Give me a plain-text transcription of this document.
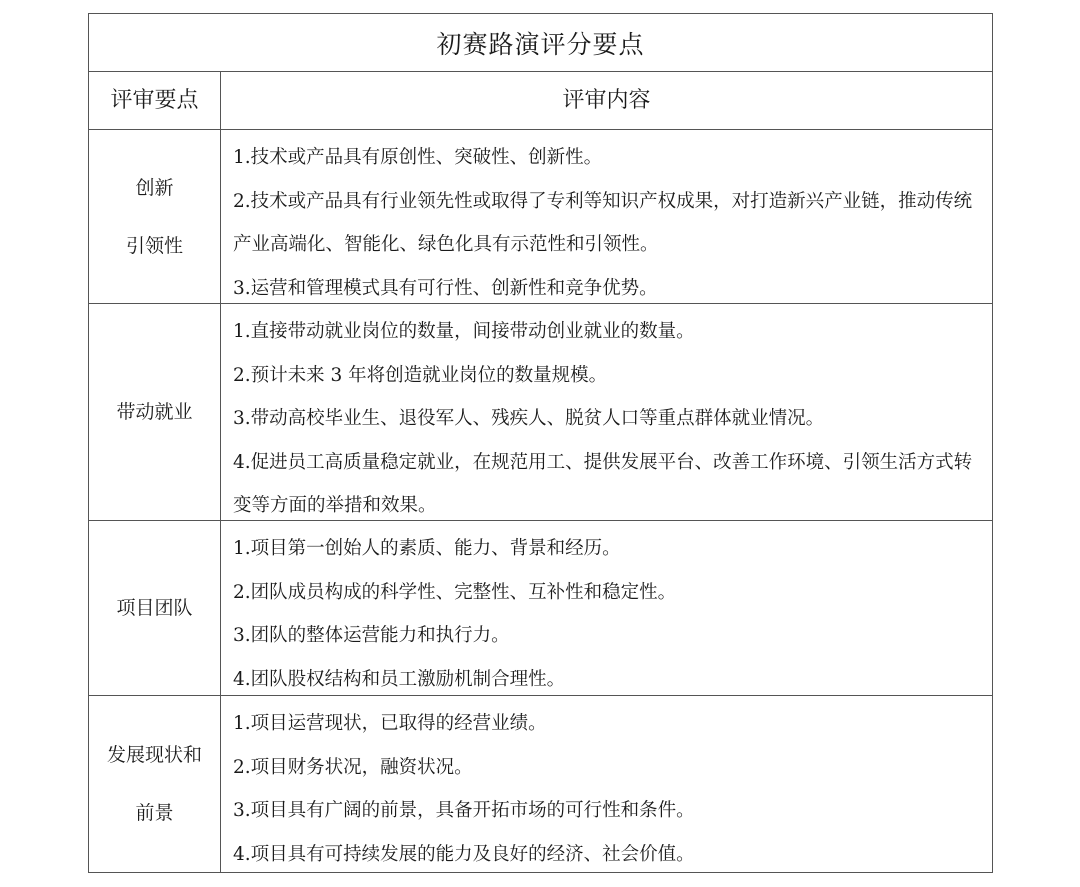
初赛路演评分要点
评审要点	评审内容
创新
引领性
1.技术或产品具有原创性、突破性、创新性。
2.技术或产品具有行业领先性或取得了专利等知识产权成果，对打造新兴产业链，推动传统产业高端化、智能化、绿色化具有示范性和引领性。
3.运营和管理模式具有可行性、创新性和竞争优势。
带动就业
1.直接带动就业岗位的数量，间接带动创业就业的数量。
2.预计未来 3 年将创造就业岗位的数量规模。
3.带动高校毕业生、退役军人、残疾人、脱贫人口等重点群体就业情况。
4.促进员工高质量稳定就业，在规范用工、提供发展平台、改善工作环境、引领生活方式转变等方面的举措和效果。
项目团队
1.项目第一创始人的素质、能力、背景和经历。
2.团队成员构成的科学性、完整性、互补性和稳定性。
3.团队的整体运营能力和执行力。
4.团队股权结构和员工激励机制合理性。
发展现状和
前景
1.项目运营现状，已取得的经营业绩。
2.项目财务状况，融资状况。
3.项目具有广阔的前景，具备开拓市场的可行性和条件。
4.项目具有可持续发展的能力及良好的经济、社会价值。
